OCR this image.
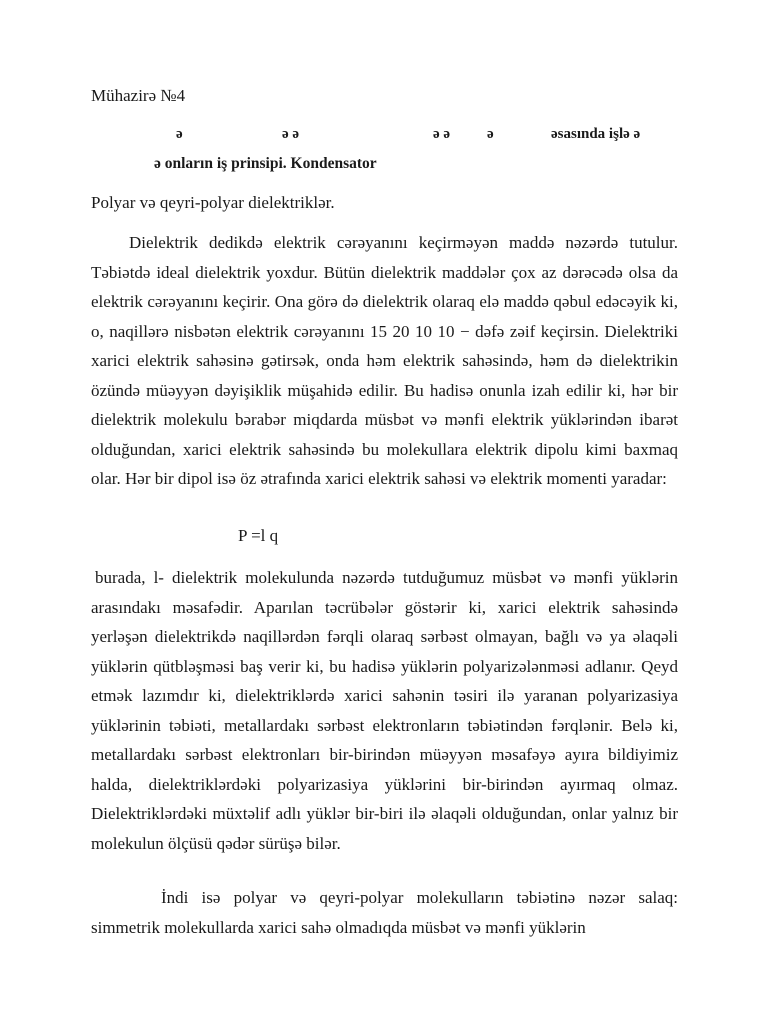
Mühazirə №4
ə	ə ə	ə ə ə	əsasında işlə ə
ə onların iş prinsipi. Kondensator
Polyar və qeyri-polyar dielektriklər.

Dielektrik dedikdə elektrik cərəyanını keçirməyən maddə nəzərdə tutulur. Təbiətdə ideal dielektrik yoxdur. Bütün dielektrik maddələr çox az dərəcədə olsa da elektrik cərəyanını keçirir. Ona görə də dielektrik olaraq elə maddə qəbul edəcəyik ki, o, naqillərə nisbətən elektrik cərəyanını 15 20 10 10 − dəfə zəif keçirsin. Dielektriki xarici elektrik sahəsinə gətirsək, onda həm elektrik sahəsində, həm də dielektrikin özündə müəyyən dəyişiklik müşahidə edilir. Bu hadisə onunla izah edilir ki, hər bir dielektrik molekulu bərabər miqdarda müsbət və mənfi elektrik yüklərindən ibarət olduğundan, xarici elektrik sahəsində bu molekullara elektrik dipolu kimi baxmaq olar. Hər bir dipol isə öz ətrafında xarici elektrik sahəsi və elektrik momenti yaradar:

P =l q

burada, l- dielektrik molekulunda nəzərdə tutduğumuz müsbət və mənfi yüklərin arasındakı məsafədir. Aparılan təcrübələr göstərir ki, xarici elektrik sahəsində yerləşən dielektrikdə naqillərdən fərqli olaraq sərbəst olmayan, bağlı və ya əlaqəli yüklərin qütbləşməsi baş verir ki, bu hadisə yüklərin polyarizələnməsi adlanır. Qeyd etmək lazımdır ki, dielektriklərdə xarici sahənin təsiri ilə yaranan polyarizasiya yüklərinin təbiəti, metallardakı sərbəst elektronların təbiətindən fərqlənir. Belə ki, metallardakı sərbəst elektronları bir-birindən müəyyən məsafəyə ayıra bildiyimiz halda, dielektriklərdəki polyarizasiya yüklərini bir-birindən ayırmaq olmaz. Dielektriklərdəki müxtəlif adlı yüklər bir-biri ilə əlaqəli olduğundan, onlar yalnız bir molekulun ölçüsü qədər sürüşə bilər.

İndi isə polyar və qeyri-polyar molekulların təbiətinə nəzər salaq: simmetrik molekullarda xarici sahə olmadıqda müsbət və mənfi yüklərin
